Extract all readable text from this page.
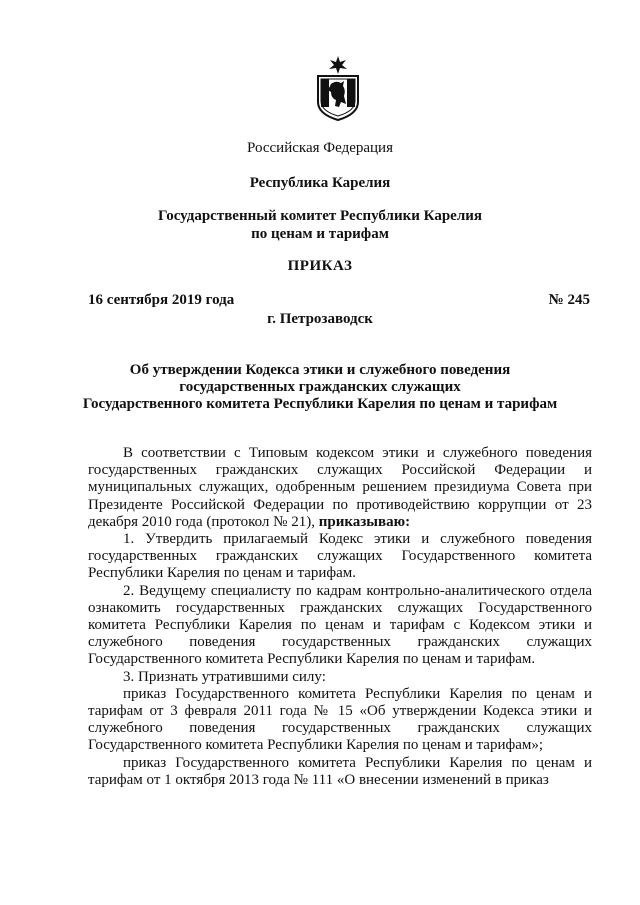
Российская Федерация
Республика Карелия
Государственный комитет Республики Карелия
по ценам и тарифам
ПРИКАЗ
16 сентября 2019 года	№ 245
г. Петрозаводск
Об утверждении Кодекса этики и служебного поведения
государственных гражданских служащих
Государственного комитета Республики Карелия по ценам и тарифам

В соответствии с Типовым кодексом этики и служебного поведения государственных гражданских служащих Российской Федерации и муниципальных служащих, одобренным решением президиума Совета при Президенте Российской Федерации по противодействию коррупции от 23 декабря 2010 года (протокол № 21), приказываю:

1. Утвердить прилагаемый Кодекс этики и служебного поведения государственных гражданских служащих Государственного комитета Республики Карелия по ценам и тарифам.

2. Ведущему специалисту по кадрам контрольно-аналитического отдела ознакомить государственных гражданских служащих Государственного комитета Республики Карелия по ценам и тарифам с Кодексом этики и служебного поведения государственных гражданских служащих Государственного комитета Республики Карелия по ценам и тарифам.

3. Признать утратившими силу:

приказ Государственного комитета Республики Карелия по ценам и тарифам от 3 февраля 2011 года № 15 «Об утверждении Кодекса этики и служебного поведения государственных гражданских служащих Государственного комитета Республики Карелия по ценам и тарифам»;

приказ Государственного комитета Республики Карелия по ценам и тарифам от 1 октября 2013 года № 111 «О внесении изменений в приказ
